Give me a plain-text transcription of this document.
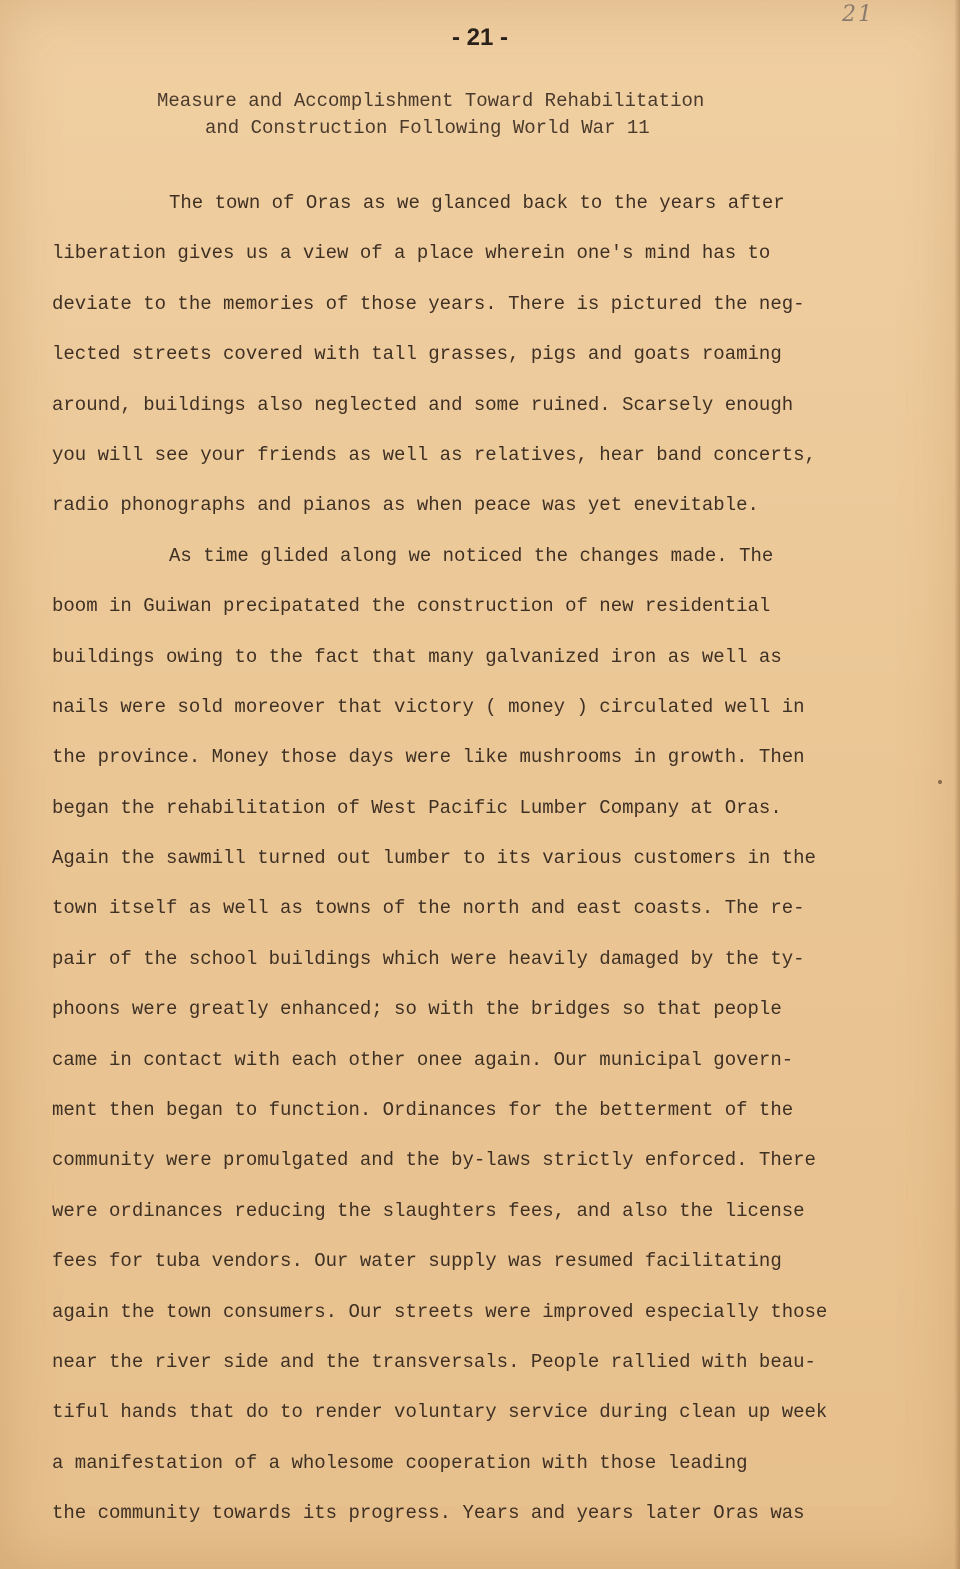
21
- 21 -
Measure and Accomplishment Toward Rehabilitation
and Construction Following World War 11
The town of Oras as we glanced back to the years after
liberation gives us a view of a place wherein one's mind has to
deviate to the memories of those years. There is pictured the neg-
lected streets covered with tall grasses, pigs and goats roaming
around, buildings also neglected and some ruined. Scarsely enough
you will see your friends as well as relatives, hear band concerts,
radio phonographs and pianos as when peace was yet enevitable.
As time glided along we noticed the changes made. The
boom in Guiwan precipatated the construction of new residential
buildings owing to the fact that many galvanized iron as well as
nails were sold moreover that victory ( money ) circulated well in
the province. Money those days were like mushrooms in growth. Then
began the rehabilitation of West Pacific Lumber Company at Oras.
Again the sawmill turned out lumber to its various customers in the
town itself as well as towns of the north and east coasts. The re-
pair of the school buildings which were heavily damaged by the ty-
phoons were greatly enhanced; so with the bridges so that people
came in contact with each other onee again. Our municipal govern-
ment then began to function. Ordinances for the betterment of the
community were promulgated and the by-laws strictly enforced. There
were ordinances reducing the slaughters fees, and also the license
fees for tuba vendors. Our water supply was resumed facilitating
again the town consumers. Our streets were improved especially those
near the river side and the transversals. People rallied with beau-
tiful hands that do to render voluntary service during clean up week
a manifestation of a wholesome cooperation with those leading
the community towards its progress. Years and years later Oras was
